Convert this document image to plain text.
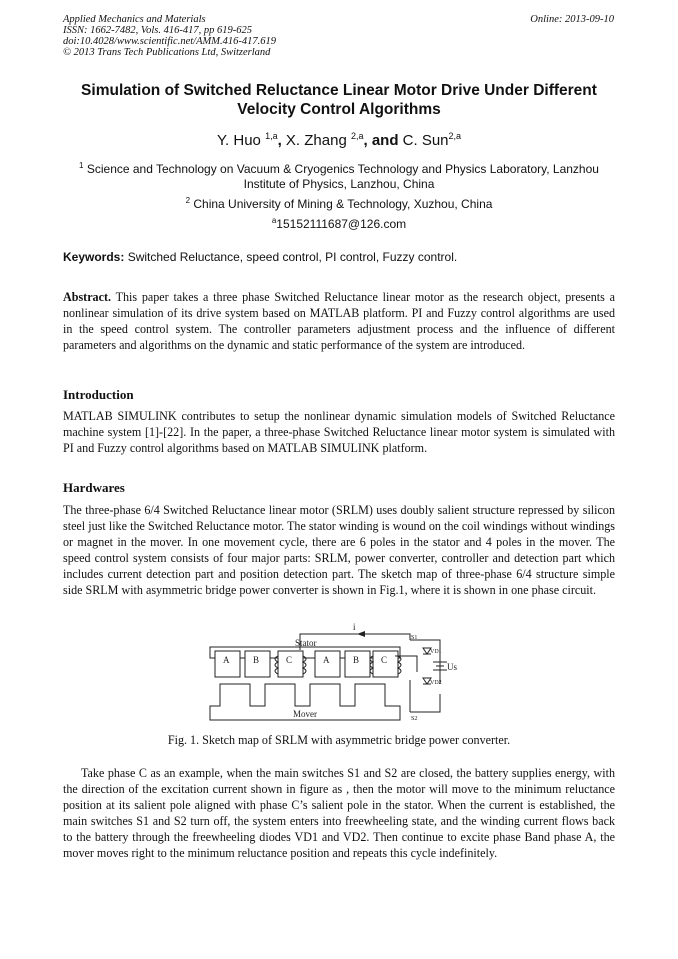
Applied Mechanics and Materials
ISSN: 1662-7482, Vols. 416-417, pp 619-625
doi:10.4028/www.scientific.net/AMM.416-417.619
© 2013 Trans Tech Publications Ltd, Switzerland
Online: 2013-09-10
Simulation of Switched Reluctance Linear Motor Drive Under Different Velocity Control Algorithms
Y. Huo $^{1,a}$, X. Zhang $^{2,a}$, and C. Sun$^{2,a}$
$^1$ Science and Technology on Vacuum & Cryogenics Technology and Physics Laboratory, Lanzhou Institute of Physics, Lanzhou, China
$^2$ China University of Mining & Technology, Xuzhou, China
$^a$15152111687@126.com
Keywords: Switched Reluctance, speed control, PI control, Fuzzy control.
Abstract. This paper takes a three phase Switched Reluctance linear motor as the research object, presents a nonlinear simulation of its drive system based on MATLAB platform. PI and Fuzzy control algorithms are used in the speed control system. The controller parameters adjustment process and the influence of different parameters and algorithms on the dynamic and static performance of the system are introduced.
Introduction
MATLAB SIMULINK contributes to setup the nonlinear dynamic simulation models of Switched Reluctance machine system [1]-[22]. In the paper, a three-phase Switched Reluctance linear motor system is simulated with PI and Fuzzy control algorithms based on MATLAB SIMULINK platform.
Hardwares
The three-phase 6/4 Switched Reluctance linear motor (SRLM) uses doubly salient structure repressed by silicon steel just like the Switched Reluctance motor. The stator winding is wound on the coil windings without windings or magnet in the mover. In one movement cycle, there are 6 poles in the stator and 4 poles in the mover. The speed control system consists of four major parts: SRLM, power converter, controller and detection part which includes current detection part and position detection part. The sketch map of three-phase 6/4 structure simple side SRLM with asymmetric bridge power converter is shown in Fig.1, where it is shown in one phase circuit.
i
Stator
A	B	C	A	B C
Mover
Us
S1
S2
VD1
VD2
Fig. 1. Sketch map of SRLM with asymmetric bridge power converter.
Take phase C as an example, when the main switches S1 and S2 are closed, the battery supplies energy, with the direction of the excitation current shown in figure as , then the motor will move to the minimum reluctance position at its salient pole aligned with phase C’s salient pole in the stator. When the current is established, the main switches S1 and S2 turn off, the system enters into freewheeling state, and the winding current flows back to the battery through the freewheeling diodes VD1 and VD2. Then continue to excite phase Band phase A, the mover moves right to the minimum reluctance position and repeats this cycle indefinitely.
